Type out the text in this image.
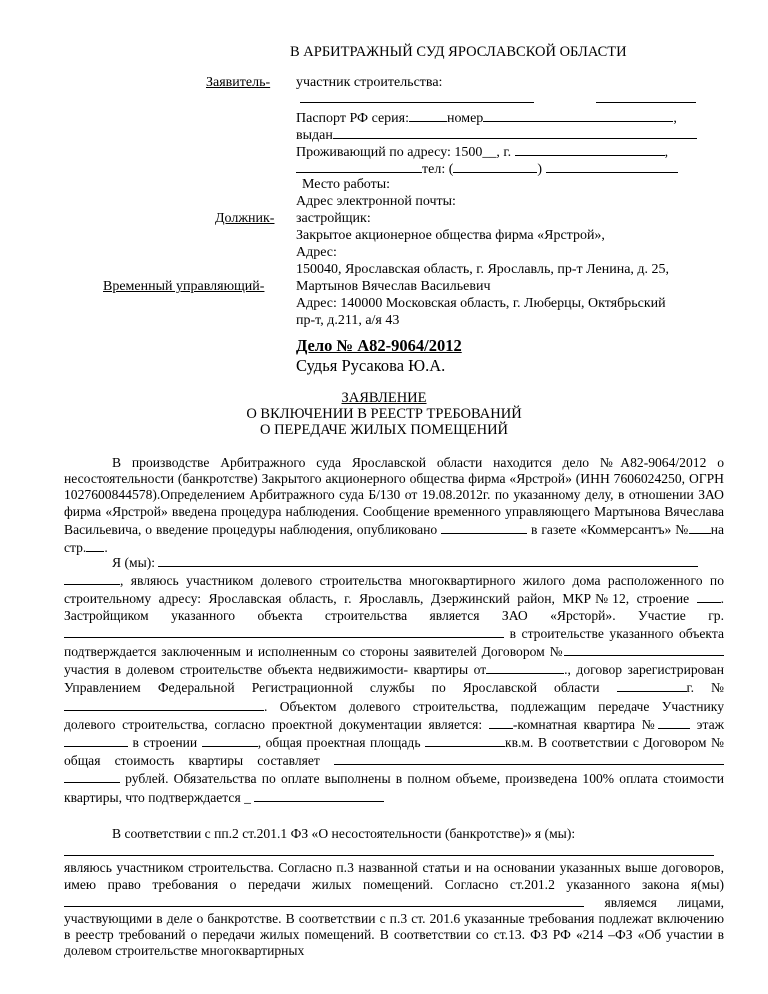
В АРБИТРАЖНЫЙ СУД ЯРОСЛАВСКОЙ ОБЛАСТИ
Заявитель- участник строительства:
Паспорт РФ серия:	номер	,
выдан
Проживающий по адресу: 1500__, г.	,
тел: (	)
Место работы:
Адрес электронной почты:
Должник- застройщик:
Закрытое акционерное общества фирма «Ярстрой»,
Адрес:
150040, Ярославская область, г. Ярославль, пр-т Ленина, д. 25,
Временный управляющий- Мартынов Вячеслав Васильевич
Адрес: 140000 Московская область, г. Люберцы, Октябрьский
пр-т, д.211, а/я 43
Дело № А82-9064/2012
Судья Русакова Ю.А.
ЗАЯВЛЕНИЕ
О ВКЛЮЧЕНИИ В РЕЕСТР ТРЕБОВАНИЙ
О ПЕРЕДАЧЕ ЖИЛЫХ ПОМЕЩЕНИЙ

В производстве Арбитражного суда Ярославской области находится дело №А82-9064/2012 о несостоятельности (банкротстве) Закрытого акционерного общества фирма «Ярстрой» (ИНН 7606024250, ОГРН 1027600844578).Определением Арбитражного суда Б/130 от 19.08.2012г. по указанному делу, в отношении ЗАО фирма «Ярстрой» введена процедура наблюдения. Сообщение временного управляющего Мартынова Вячеслава Васильевича, о введение процедуры наблюдения, опубликовано	в газете «Коммерсантъ» № на стр. .

Я (мы):

, являюсь участником долевого строительства многоквартирного жилого дома расположенного по строительному адресу: Ярославская область, г. Ярославль, Дзержинский район, МКР№12, строение . Застройщиком указанного объекта строительства является ЗАО «Ярсторй». Участие гр.  в строительстве указанного объекта подтверждается заключенным и исполненным со стороны заявителей Договором №участия в долевом строительстве объекта недвижимости- квартиры от	., договор зарегистрирован Управлением Федеральной Регистрационной службы по Ярославской области	г. №. Объектом долевого строительства, подлежащим передаче Участнику долевого строительства, согласно проектной документации является: -комнатная квартира № этаж  в строении	, общая проектная площадь	кв.м. В соответствии с Договором № общая стоимость квартиры составляет   рублей. Обязательства по оплате выполнены в полном объеме, произведена 100% оплата стоимости квартиры, что подтверждается _

В соответствии с пп.2 ст.201.1 ФЗ «О несостоятельности (банкротстве)» я (мы):

являюсь участником строительства. Согласно п.3 названной статьи и на основании указанных выше договоров, имею право требования о передачи жилых помещений. Согласно ст.201.2 указанного закона я(мы) являемся лицами, участвующими в деле о банкротстве. В соответствии с п.3 ст. 201.6 указанные требования подлежат включению в реестр требований о передачи жилых помещений. В соответствии со ст.13. ФЗ РФ «214 –ФЗ «Об участии в долевом строительстве многоквартирных
